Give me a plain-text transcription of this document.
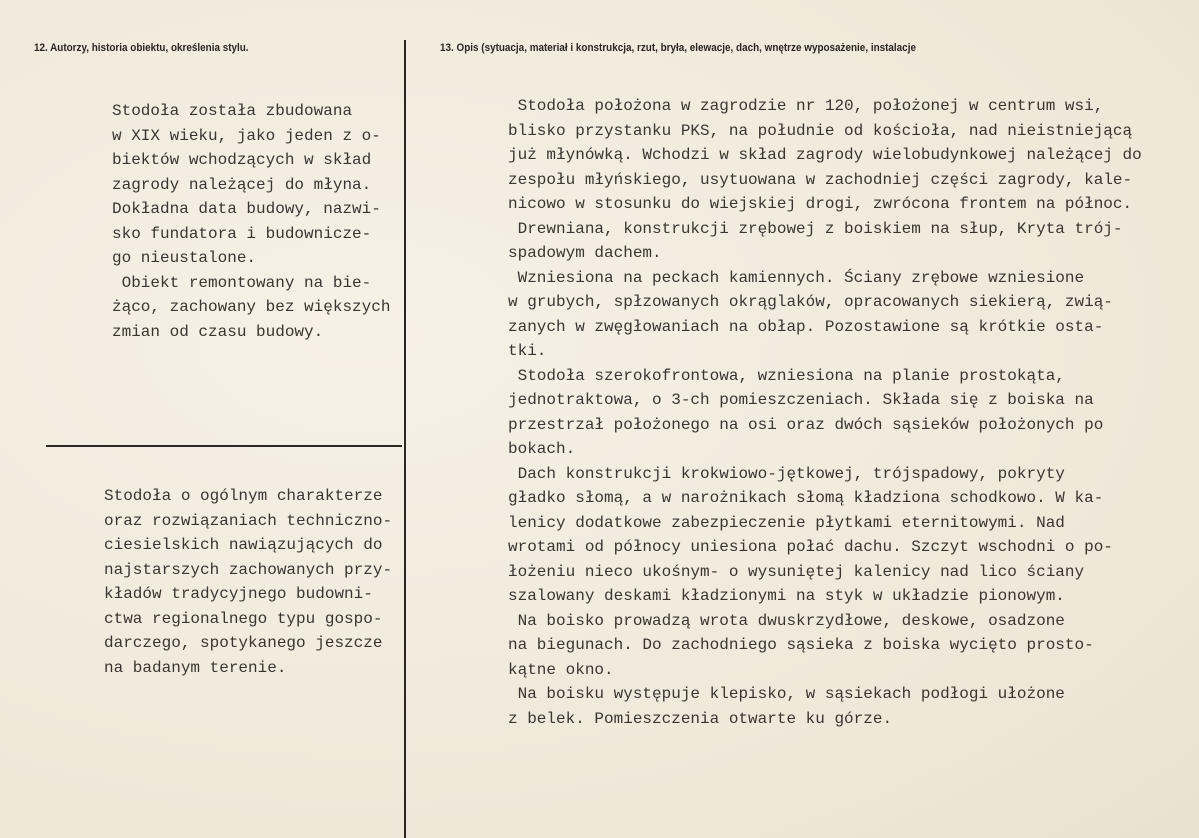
12. Autorzy, historia obiektu, określenia stylu.	13. Opis (sytuacja, materiał i konstrukcja, rzut, bryła, elewacje, dach, wnętrze wyposażenie, instalacje
Stodoła została zbudowana
w XIX wieku, jako jeden z o-
biektów wchodzących w skład
zagrody należącej do młyna.
Dokładna data budowy, nazwi-
sko fundatora i budownicze-
go nieustalone.
Obiekt remontowany na bie-
żąco, zachowany bez większych
zmian od czasu budowy.
Stodoła o ogólnym charakterze
oraz rozwiązaniach techniczno-
ciesielskich nawiązujących do
najstarszych zachowanych przy-
kładów tradycyjnego budowni-
ctwa regionalnego typu gospo-
darczego, spotykanego jeszcze
na badanym terenie.
Stodoła położona w zagrodzie nr 120, położonej w centrum wsi,
blisko przystanku PKS, na południe od kościoła, nad nieistniejącą
już młynówką. Wchodzi w skład zagrody wielobudynkowej należącej do
zespołu młyńskiego, usytuowana w zachodniej części zagrody, kale-
nicowo w stosunku do wiejskiej drogi, zwrócona frontem na północ.
Drewniana, konstrukcji zrębowej z boiskiem na słup, Kryta trój-
spadowym dachem.
Wzniesiona na peckach kamiennych. Ściany zrębowe wzniesione
w grubych, spłzowanych okrąglaków, opracowanych siekierą, zwią-
zanych w zwęgłowaniach na obłap. Pozostawione są krótkie osta-
tki.
Stodoła szerokofrontowa, wzniesiona na planie prostokąta,
jednotraktowa, o 3-ch pomieszczeniach. Składa się z boiska na
przestrzał położonego na osi oraz dwóch sąsieków położonych po
bokach.
Dach konstrukcji krokwiowo-jętkowej, trójspadowy, pokryty
gładko słomą, a w narożnikach słomą kładziona schodkowo. W ka-
lenicy dodatkowe zabezpieczenie płytkami eternitowymi. Nad
wrotami od północy uniesiona połać dachu. Szczyt wschodni o po-
łożeniu nieco ukośnym- o wysuniętej kalenicy nad lico ściany
szalowany deskami kładzionymi na styk w układzie pionowym.
Na boisko prowadzą wrota dwuskrzydłowe, deskowe, osadzone
na biegunach. Do zachodniego sąsieka z boiska wycięto prosto-
kątne okno.
Na boisku występuje klepisko, w sąsiekach podłogi ułożone
z belek. Pomieszczenia otwarte ku górze.
